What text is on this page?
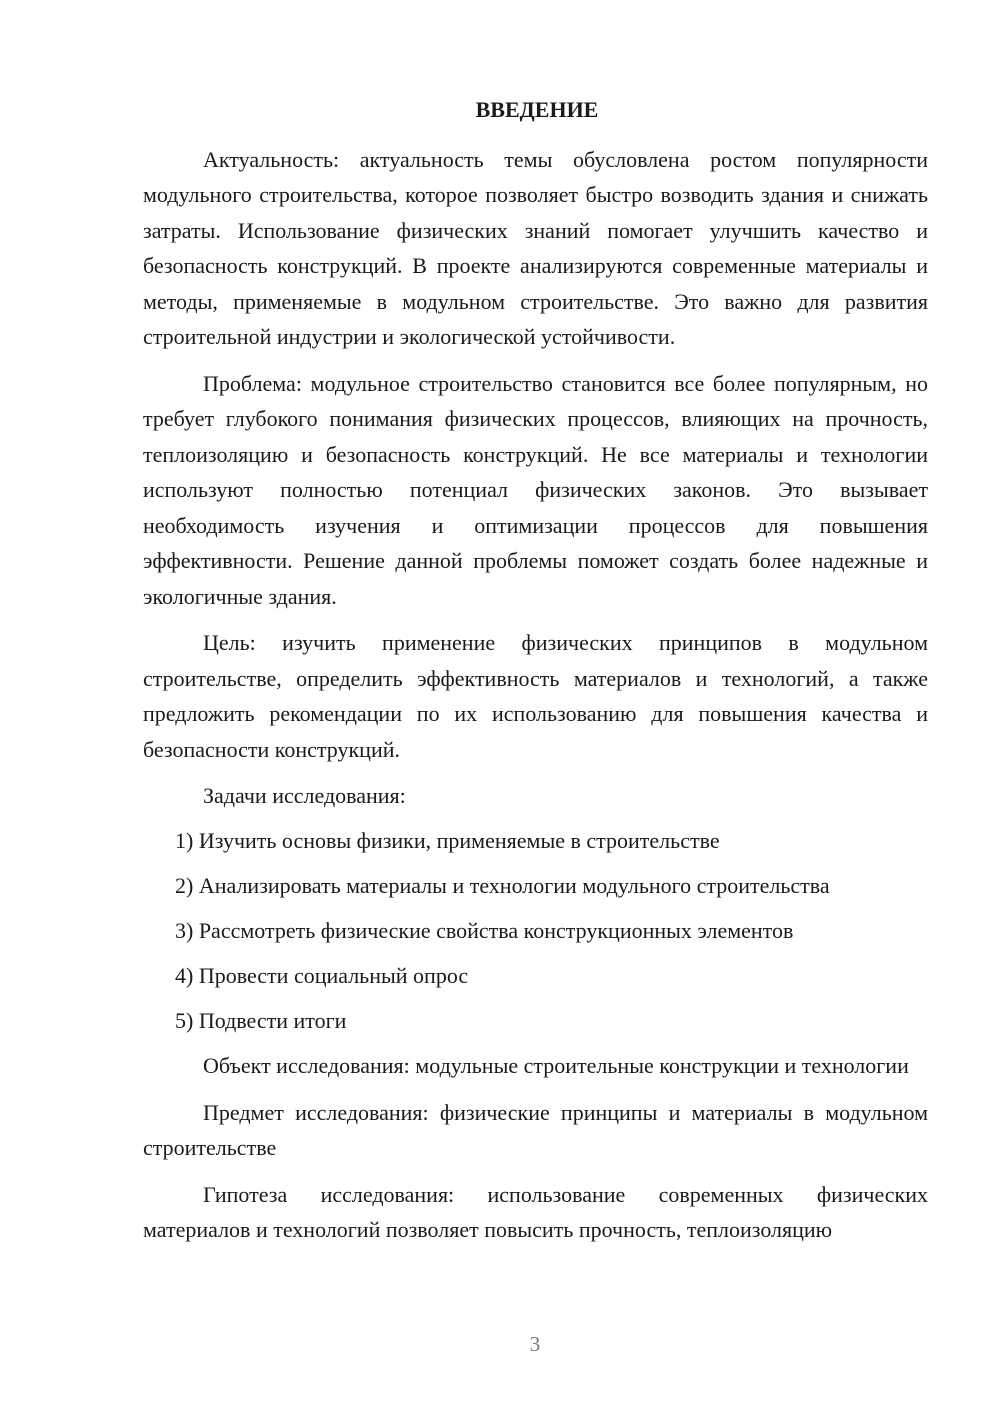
ВВЕДЕНИЕ

Актуальность: актуальность темы обусловлена ростом популярности модульного строительства, которое позволяет быстро возводить здания и снижать затраты. Использование физических знаний помогает улучшить качество и безопасность конструкций. В проекте анализируются современные материалы и методы, применяемые в модульном строительстве. Это важно для развития строительной индустрии и экологической устойчивости.

Проблема: модульное строительство становится все более популярным, но требует глубокого понимания физических процессов, влияющих на прочность, теплоизоляцию и безопасность конструкций. Не все материалы и технологии используют полностью потенциал физических законов. Это вызывает необходимость изучения и оптимизации процессов для повышения эффективности. Решение данной проблемы поможет создать более надежные и экологичные здания.

Цель: изучить применение физических принципов в модульном строительстве, определить эффективность материалов и технологий, а также предложить рекомендации по их использованию для повышения качества и безопасности конструкций.

Задачи исследования:

1) Изучить основы физики, применяемые в строительстве

2) Анализировать материалы и технологии модульного строительства

3) Рассмотреть физические свойства конструкционных элементов

4) Провести социальный опрос

5) Подвести итоги

Объект исследования: модульные строительные конструкции и технологии

Предмет исследования: физические принципы и материалы в модульном строительстве

Гипотеза исследования: использование современных физических материалов и технологий позволяет повысить прочность, теплоизоляцию

3
